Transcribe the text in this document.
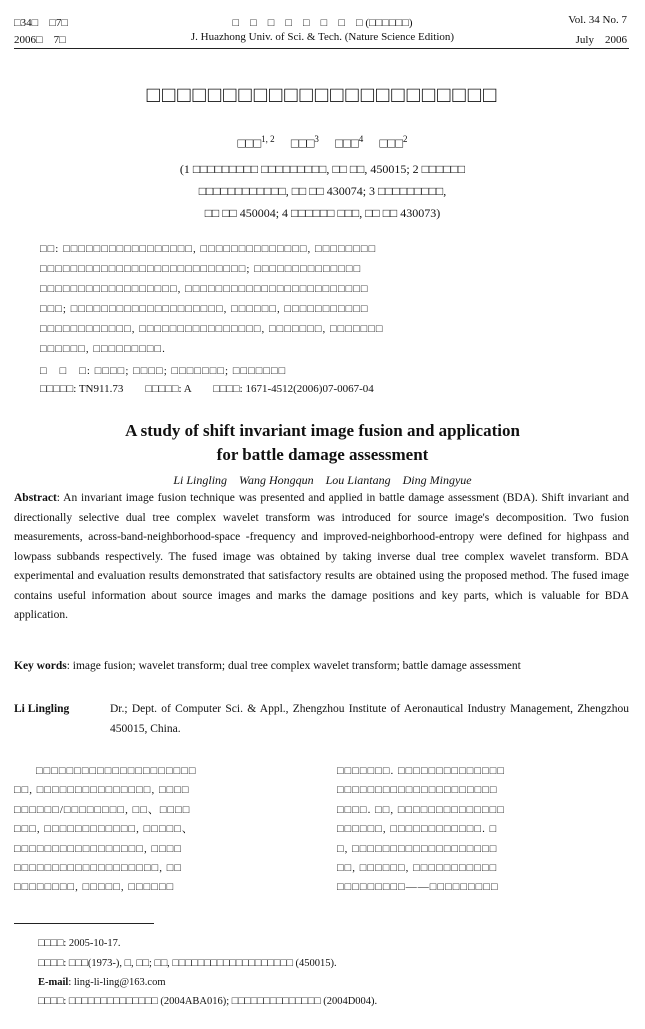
□34□　□7□
2006□　7□
□　□　□　□　□　□　□　□ (□□□□□□)
J. Huazhong Univ. of Sci. & Tech. (Nature Science Edition)
Vol. 34 No. 7
July　2006
□□□□□□□□□□□□□□□□□□□□□□□
□□□$^{1, 2}$ □□□$^3$ □□□$^4$ □□□$^2$
(1 □□□□□□□□□ □□□□□□□□□, □□ □□, 450015; 2 □□□□□□
□□□□□□□□□□□□, □□ □□ 430074; 3 □□□□□□□□□,
□□ □□ 450004; 4 □□□□□□ □□□, □□ □□ 430073)
□□: □□□□□□□□□□□□□□□□□, □□□□□□□□□□□□□□, □□□□□□□□
□□□□□□□□□□□□□□□□□□□□□□□□□□□; □□□□□□□□□□□□□□
□□□□□□□□□□□□□□□□□□, □□□□□□□□□□□□□□□□□□□□□□□□
□□□; □□□□□□□□□□□□□□□□□□□□, □□□□□□, □□□□□□□□□□□
□□□□□□□□□□□□, □□□□□□□□□□□□□□□□, □□□□□□□, □□□□□□□
□□□□□□, □□□□□□□□□.
□　□　□: □□□□; □□□□; □□□□□□□; □□□□□□□
□□□□□: TN911.73　　□□□□□: A　　□□□□: 1671-4512(2006)07-0067-04
A study of shift invariant image fusion and application
for battle damage assessment
Li Lingling　Wang Hongqun　Lou Liantang　Ding Mingyue
Abstract: An invariant image fusion technique was presented and applied in battle damage assessment (BDA). Shift invariant and directionally selective dual tree complex wavelet transform was introduced for source image's decomposition. Two fusion measurements, across-band-neighborhood-space -frequency and improved-neighborhood-entropy were defined for highpass and lowpass subbands respectively. The fused image was obtained by taking inverse dual tree complex wavelet transform. BDA experimental and evaluation results demonstrated that satisfactory results are obtained using the proposed method. The fused image contains useful information about source images and marks the damage positions and key parts, which is valuable for BDA application.
Key words: image fusion; wavelet transform; dual tree complex wavelet transform; battle damage assessment
Li Lingling	Dr.; Dept. of Computer Sci. & Appl., Zhengzhou Institute of Aeronautical Industry Management, Zhengzhou 450015, China.
□□□□□□□□□□□□□□□□□□□□□
□□, □□□□□□□□□□□□□□□, □□□□
□□□□□□/□□□□□□□□, □□、□□□□
□□□, □□□□□□□□□□□□, □□□□□、
□□□□□□□□□□□□□□□□□, □□□□
□□□□□□□□□□□□□□□□□□□, □□
□□□□□□□□, □□□□□, □□□□□□
□□□□□□□. □□□□□□□□□□□□□□
□□□□□□□□□□□□□□□□□□□□□
□□□□. □□, □□□□□□□□□□□□□□
□□□□□□, □□□□□□□□□□□□. □
□, □□□□□□□□□□□□□□□□□□□
□□, □□□□□□, □□□□□□□□□□□
□□□□□□□□□——□□□□□□□□□
□□□□: 2005-10-17.
□□□□: □□□(1973-), □, □□; □□, □□□□□□□□□□□□□□□□□□□ (450015).
E-mail: ling-li-ling@163.com
□□□□: □□□□□□□□□□□□□□ (2004ABA016); □□□□□□□□□□□□□□ (2004D004).
